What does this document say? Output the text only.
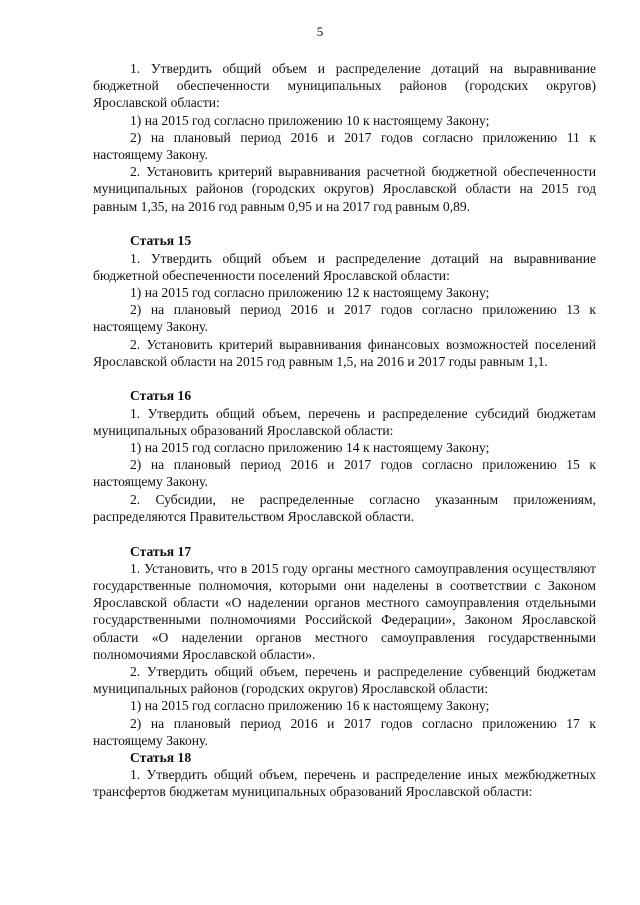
5

1. Утвердить общий объем и распределение дотаций на выравнивание бюджетной обеспеченности муниципальных районов (городских округов) Ярославской области:

1) на 2015 год согласно приложению 10 к настоящему Закону;

2) на плановый период 2016 и 2017 годов согласно приложению 11 к настоящему Закону.

2. Установить критерий выравнивания расчетной бюджетной обеспеченности муниципальных районов (городских округов) Ярославской области на 2015 год равным 1,35, на 2016 год равным 0,95 и на 2017 год равным 0,89.

Статья 15

1. Утвердить общий объем и распределение дотаций на выравнивание бюджетной обеспеченности поселений Ярославской области:

1) на 2015 год согласно приложению 12 к настоящему Закону;

2) на плановый период 2016 и 2017 годов согласно приложению 13 к настоящему Закону.

2. Установить критерий выравнивания финансовых возможностей поселений Ярославской области на 2015 год равным 1,5, на 2016 и 2017 годы равным 1,1.

Статья 16

1. Утвердить общий объем, перечень и распределение субсидий бюджетам муниципальных образований Ярославской области:

1) на 2015 год согласно приложению 14 к настоящему Закону;

2) на плановый период 2016 и 2017 годов согласно приложению 15 к настоящему Закону.

2. Субсидии, не распределенные согласно указанным приложениям, распределяются Правительством Ярославской области.

Статья 17

1. Установить, что в 2015 году органы местного самоуправления осуществляют государственные полномочия, которыми они наделены в соответствии с Законом Ярославской области «О наделении органов местного самоуправления отдельными государственными полномочиями Российской Федерации», Законом Ярославской области «О наделении органов местного самоуправления государственными полномочиями Ярославской области».

2. Утвердить общий объем, перечень и распределение субвенций бюджетам муниципальных районов (городских округов) Ярославской области:

1) на 2015 год согласно приложению 16 к настоящему Закону;

2) на плановый период 2016 и 2017 годов согласно приложению 17 к настоящему Закону.

Статья 18

1. Утвердить общий объем, перечень и распределение иных межбюджетных трансфертов бюджетам муниципальных образований Ярославской области:
